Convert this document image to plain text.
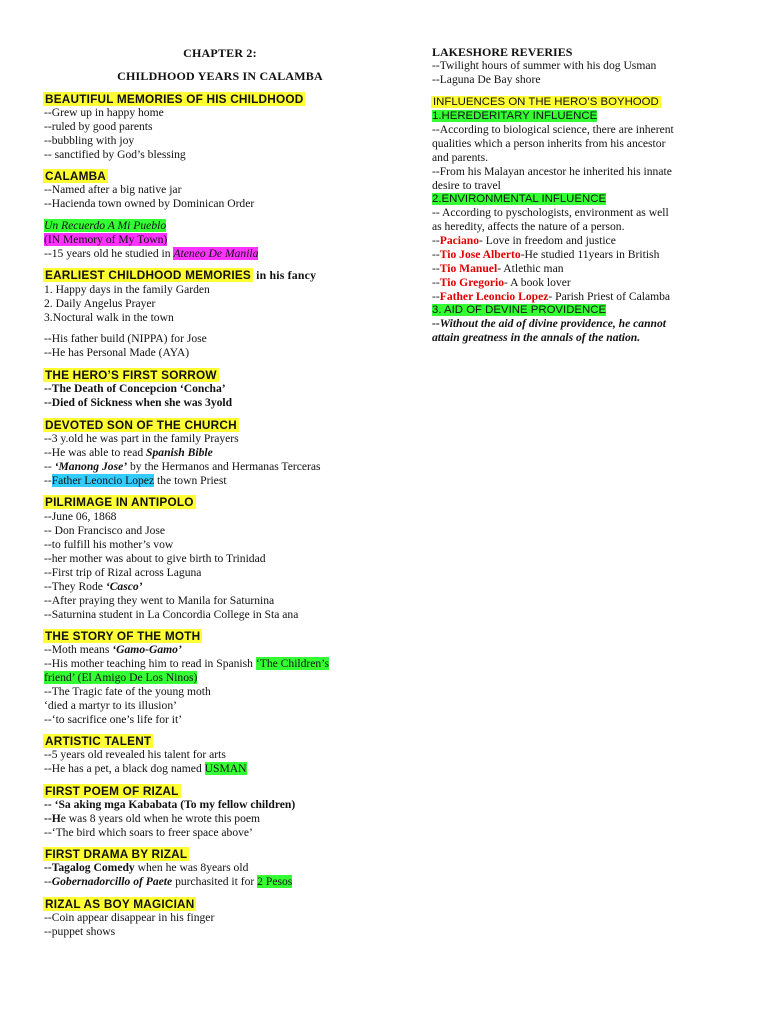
CHAPTER 2:
CHILDHOOD YEARS IN CALAMBA
BEAUTIFUL MEMORIES OF HIS CHILDHOOD
--Grew up in happy home
--ruled by good parents
--bubbling with joy
-- sanctified by God’s blessing
CALAMBA
--Named after a big native jar
--Hacienda town owned by Dominican Order
Un Recuerdo A Mi Pueblo
(IN Memory of My Town)
--15 years old he studied in Ateneo De Manila
EARLIEST CHILDHOOD MEMORIES in his fancy
1. Happy days in the family Garden
2. Daily Angelus Prayer
3.Noctural walk in the town
--His father build (NIPPA) for Jose
--He has Personal Made (AYA)
THE HERO’S FIRST SORROW
--The Death of Concepcion ‘Concha’
--Died of Sickness when she was 3yold
DEVOTED SON OF THE CHURCH
--3 y.old he was part in the family Prayers
--He was able to read Spanish Bible
-- ‘Manong Jose’ by the Hermanos and Hermanas Terceras
--Father Leoncio Lopez the town Priest
PILRIMAGE IN ANTIPOLO
--June 06, 1868
-- Don Francisco and Jose
--to fulfill his mother’s vow
--her mother was about to give birth to Trinidad
--First trip of Rizal across Laguna
--They Rode ‘Casco’
--After praying they went to Manila for Saturnina
--Saturnina student in La Concordia College in Sta ana
THE STORY OF THE MOTH
--Moth means ‘Gamo-Gamo’
--His mother teaching him to read in Spanish ‘The Children’s
friend’ (El Amigo De Los Ninos)
--The Tragic fate of the young moth
‘died a martyr to its illusion’
--‘to sacrifice one’s life for it’
ARTISTIC TALENT
--5 years old revealed his talent for arts
--He has a pet, a black dog named USMAN
FIRST POEM OF RIZAL
-- ‘Sa aking mga Kababata (To my fellow children)
--He was 8 years old when he wrote this poem
--‘The bird which soars to freer space above’
FIRST DRAMA BY RIZAL
--Tagalog Comedy when he was 8years old
--Gobernadorcillo of Paete purchasited it for 2 Pesos
RIZAL AS BOY MAGICIAN
--Coin appear disappear in his finger
--puppet shows
LAKESHORE REVERIES
--Twilight hours of summer with his dog Usman
--Laguna De Bay shore
INFLUENCES ON THE HERO’S BOYHOOD
1.HEREDERITARY INFLUENCE
--According to biological science, there are inherent
qualities which a person inherits from his ancestor
and parents.
--From his Malayan ancestor he inherited his innate
desire to travel
2.ENVIRONMENTAL INFLUENCE
-- According to pyschologists, environment as well
as heredity, affects the nature of a person.
--Paciano- Love in freedom and justice
--Tio Jose Alberto-He studied 11years in British
--Tio Manuel- Atlethic man
--Tio Gregorio- A book lover
--Father Leoncio Lopez- Parish Priest of Calamba
3. AID OF DEVINE PROVIDENCE
--Without the aid of divine providence, he cannot
attain greatness in the annals of the nation.
